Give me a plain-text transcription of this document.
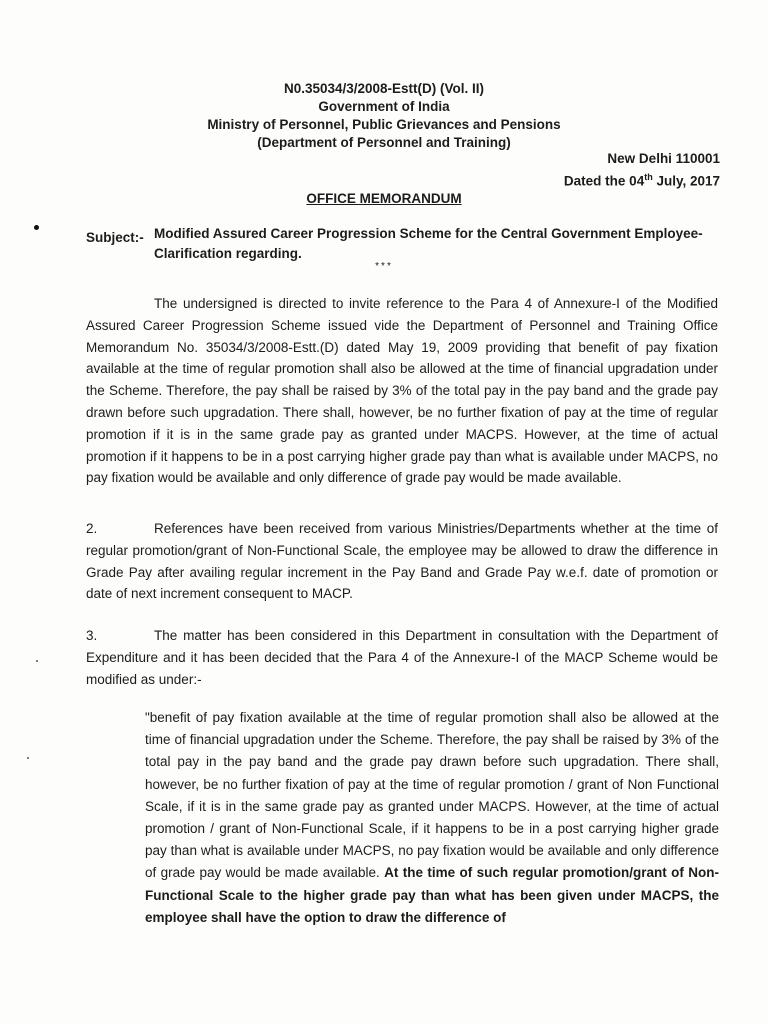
N0.35034/3/2008-Estt(D) (Vol. II)
Government of India
Ministry of Personnel, Public Grievances and Pensions
(Department of Personnel and Training)
New Delhi 110001
Dated the 04th July, 2017
OFFICE MEMORANDUM
Subject:- Modified Assured Career Progression Scheme for the Central Government Employee-Clarification regarding.
***
The undersigned is directed to invite reference to the Para 4 of Annexure-I of the Modified Assured Career Progression Scheme issued vide the Department of Personnel and Training Office Memorandum No. 35034/3/2008-Estt.(D) dated May 19, 2009 providing that benefit of pay fixation available at the time of regular promotion shall also be allowed at the time of financial upgradation under the Scheme. Therefore, the pay shall be raised by 3% of the total pay in the pay band and the grade pay drawn before such upgradation. There shall, however, be no further fixation of pay at the time of regular promotion if it is in the same grade pay as granted under MACPS. However, at the time of actual promotion if it happens to be in a post carrying higher grade pay than what is available under MACPS, no pay fixation would be available and only difference of grade pay would be made available.
2.	References have been received from various Ministries/Departments whether at the time of regular promotion/grant of Non-Functional Scale, the employee may be allowed to draw the difference in Grade Pay after availing regular increment in the Pay Band and Grade Pay w.e.f. date of promotion or date of next increment consequent to MACP.
3.	The matter has been considered in this Department in consultation with the Department of Expenditure and it has been decided that the Para 4 of the Annexure-I of the MACP Scheme would be modified as under:-
"benefit of pay fixation available at the time of regular promotion shall also be allowed at the time of financial upgradation under the Scheme. Therefore, the pay shall be raised by 3% of the total pay in the pay band and the grade pay drawn before such upgradation. There shall, however, be no further fixation of pay at the time of regular promotion / grant of Non Functional Scale, if it is in the same grade pay as granted under MACPS. However, at the time of actual promotion / grant of Non-Functional Scale, if it happens to be in a post carrying higher grade pay than what is available under MACPS, no pay fixation would be available and only difference of grade pay would be made available. At the time of such regular promotion/grant of Non-Functional Scale to the higher grade pay than what has been given under MACPS, the employee shall have the option to draw the difference of
